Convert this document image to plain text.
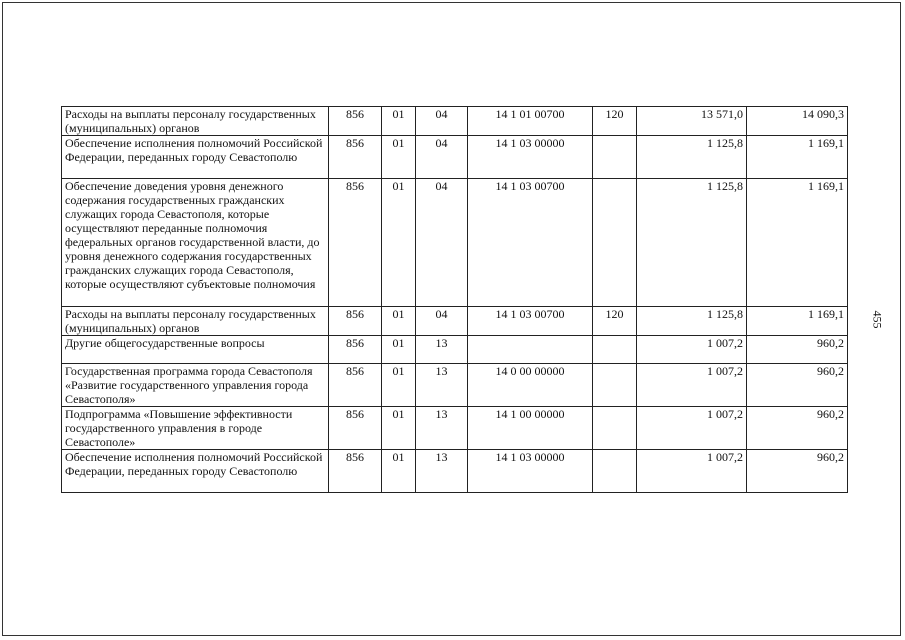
Расходы на выплаты персоналу государственных (муниципальных) органов	856	01	04	14 1 01 00700	120	13 571,0	14 090,3
Обеспечение исполнения полномочий Российской Федерации, переданных городу Севастополю	856	01	04	14 1 03 00000		1 125,8	1 169,1
Обеспечение доведения уровня денежного содержания государственных гражданских служащих города Севастополя, которые осуществляют переданные полномочия федеральных органов государственной власти, до уровня денежного содержания государственных гражданских служащих города Севастополя, которые осуществляют субъектовые полномочия	856	01	04	14 1 03 00700		1 125,8	1 169,1
Расходы на выплаты персоналу государственных (муниципальных) органов	856	01	04	14 1 03 00700	120	1 125,8	1 169,1
Другие общегосударственные вопросы	856	01	13			1 007,2	960,2
Государственная программа города Севастополя «Развитие государственного управления города Севастополя»	856	01	13	14 0 00 00000		1 007,2	960,2
Подпрограмма «Повышение эффективности государственного управления в городе Севастополе»	856	01	13	14 1 00 00000		1 007,2	960,2
Обеспечение исполнения полномочий Российской Федерации, переданных городу Севастополю	856	01	13	14 1 03 00000		1 007,2	960,2
455
